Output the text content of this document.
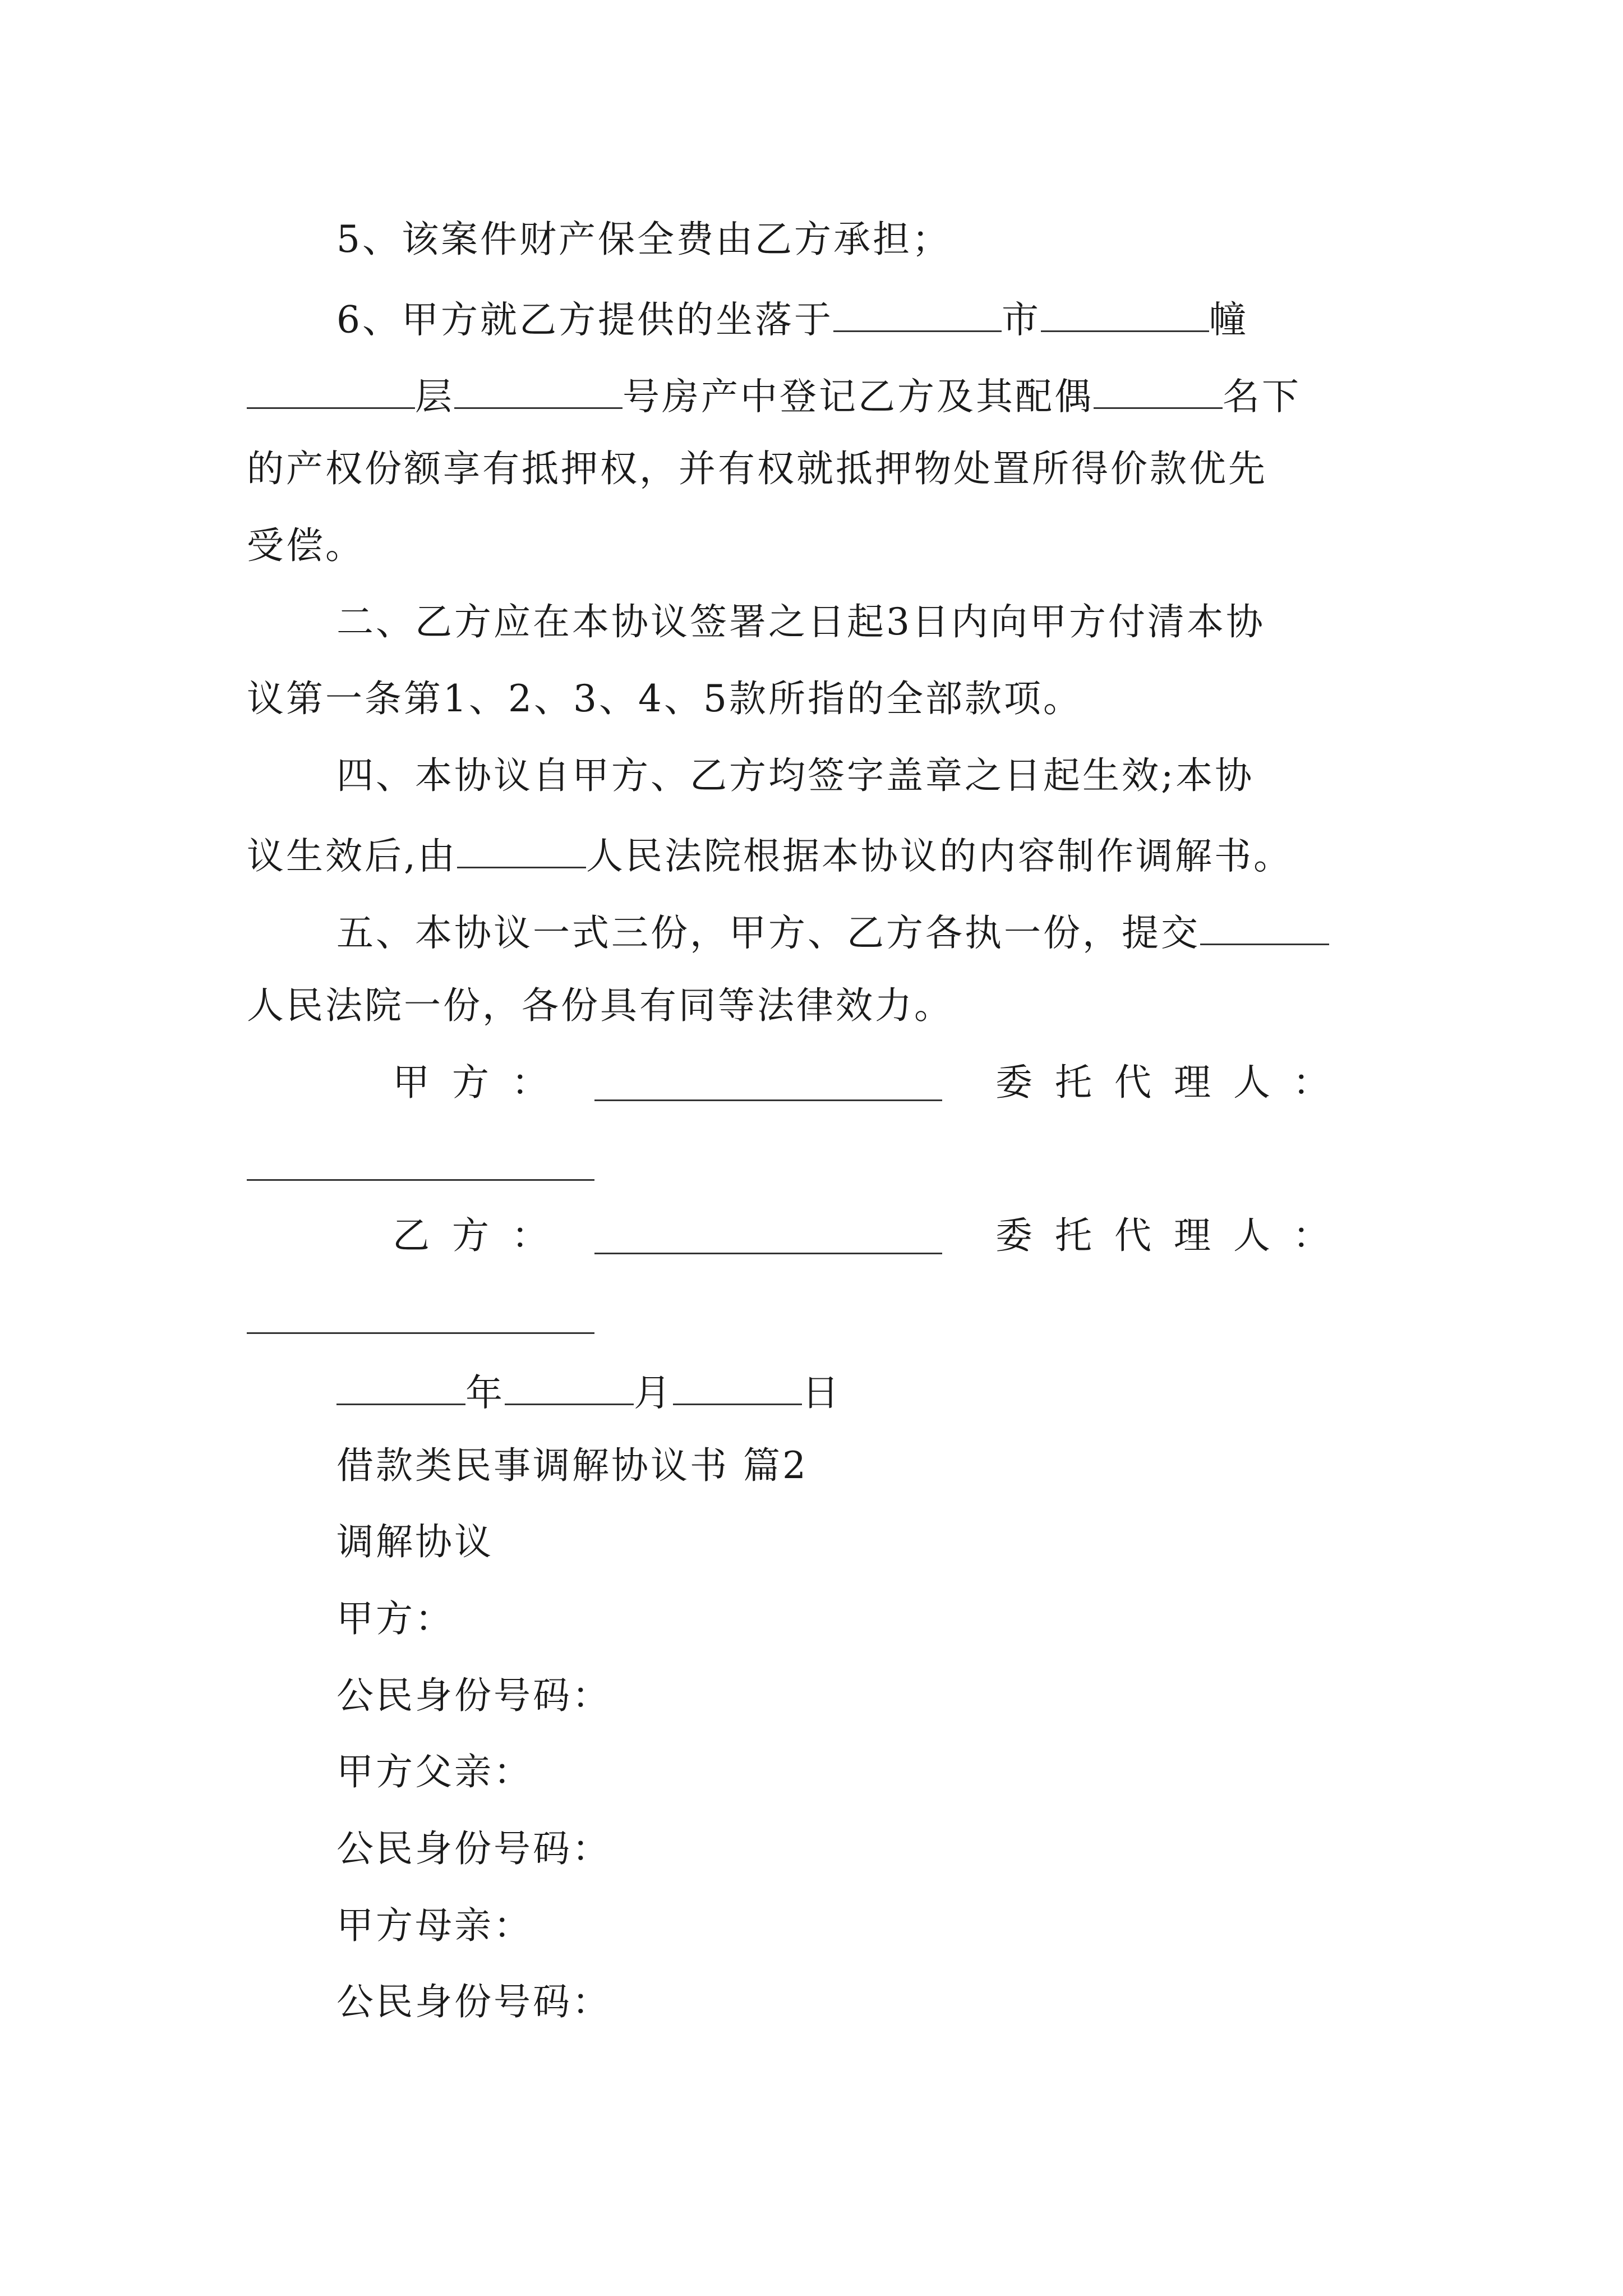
5、该案件财产保全费由乙方承担；
6、甲方就乙方提供的坐落于	市	幢
层	号房产中登记乙方及其配偶	名下
的产权份额享有抵押权，并有权就抵押物处置所得价款优先
受偿。
二、乙方应在本协议签署之日起3日内向甲方付清本协
议第一条第1、2、3、4、5款所指的全部款项。
四、本协议自甲方、乙方均签字盖章之日起生效;本协
议生效后,由	人民法院根据本协议的内容制作调解书。
五、本协议一式三份，甲方、乙方各执一份，提交
人民法院一份，各份具有同等法律效力。
甲方：	委托代理人：
乙方：	委托代理人：
年	月	日
借款类民事调解协议书 篇2
调解协议
甲方：
公民身份号码：
甲方父亲：
公民身份号码：
甲方母亲：
公民身份号码：
